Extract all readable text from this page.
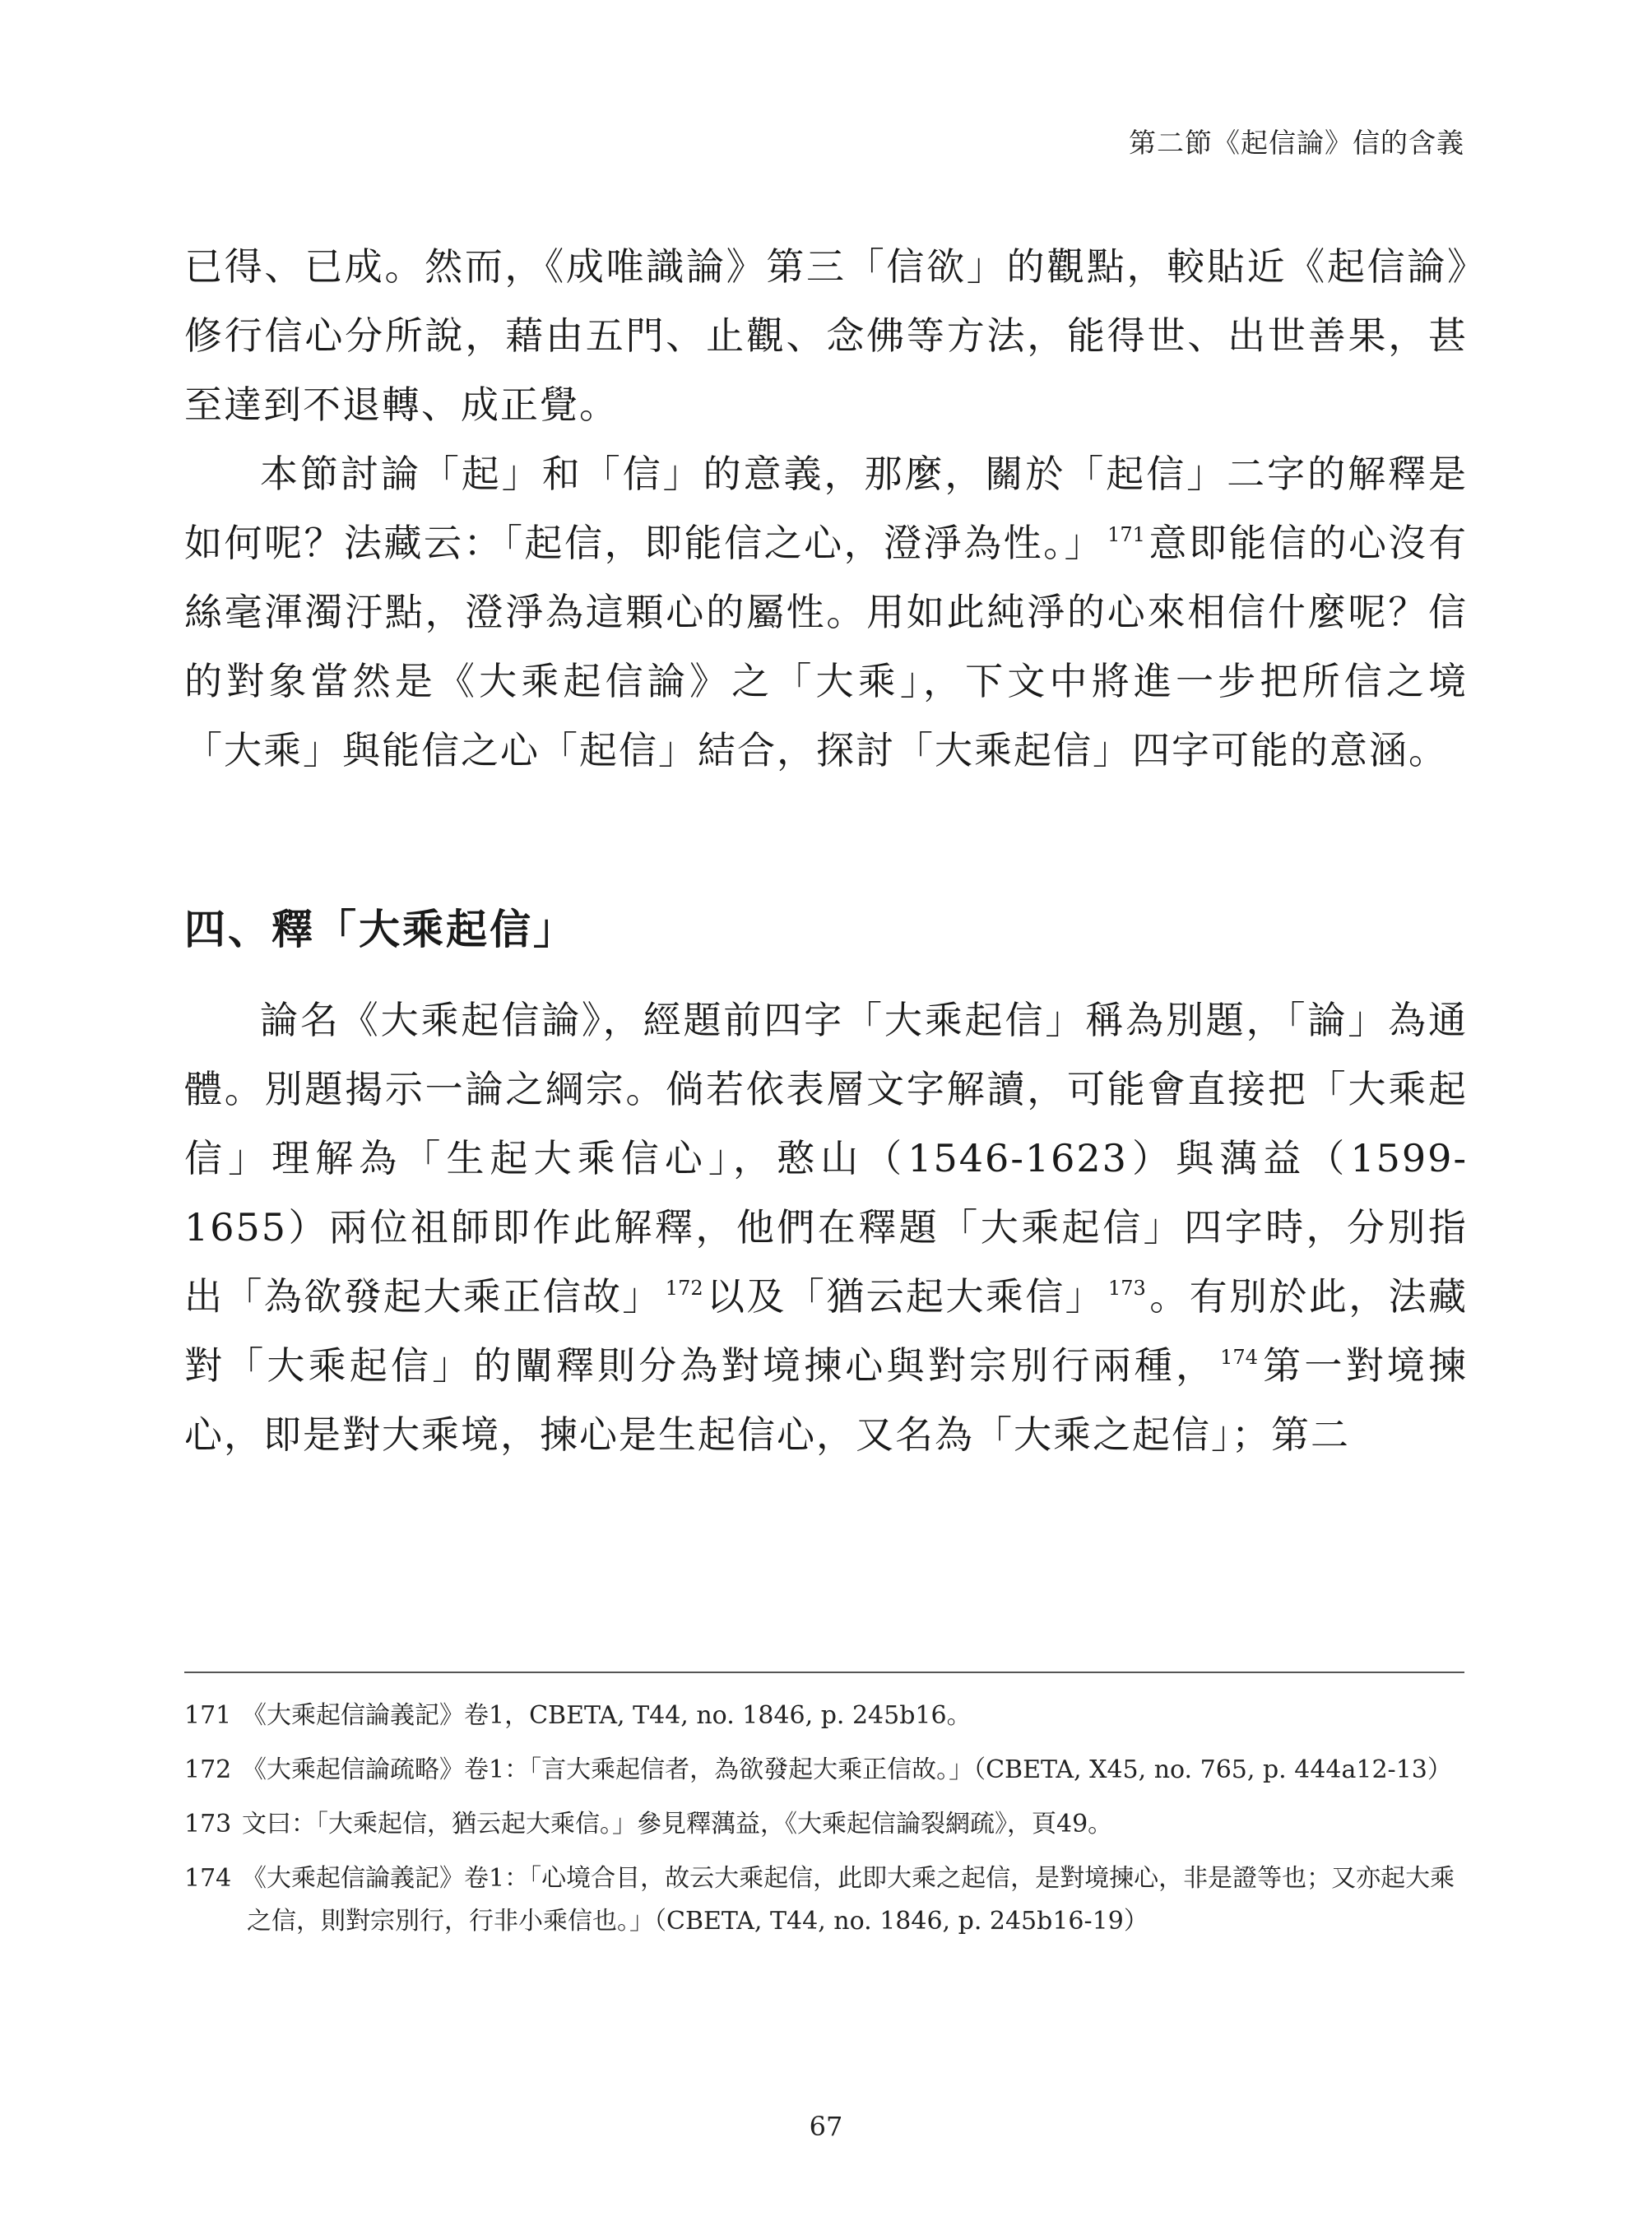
第二節《起信論》信的含義

已得、已成。然而，《成唯識論》第三「信欲」的觀點，較貼近《起信論》修行信心分所說，藉由五門、止觀、念佛等方法，能得世、出世善果，甚至達到不退轉、成正覺。

本節討論「起」和「信」的意義，那麼，關於「起信」二字的解釋是如何呢？法藏云：「起信，即能信之心，澄淨為性。」 $^{171}$意即能信的心沒有絲毫渾濁汙點，澄淨為這顆心的屬性。用如此純淨的心來相信什麼呢？信的對象當然是《大乘起信論》之「大乘」，下文中將進一步把所信之境「大乘」與能信之心「起信」結合，探討「大乘起信」四字可能的意涵。

四、釋「大乘起信」

論名《大乘起信論》，經題前四字「大乘起信」稱為別題，「論」為通體。別題揭示一論之綱宗。倘若依表層文字解讀，可能會直接把「大乘起信」理解為「生起大乘信心」，憨山（1546-1623）與蕅益（1599-1655）兩位祖師即作此解釋，他們在釋題「大乘起信」四字時，分別指出「為欲發起大乘正信故」 $^{172}$以及「猶云起大乘信」 $^{173}$。有別於此，法藏對「大乘起信」的闡釋則分為對境揀心與對宗別行兩種， $^{174}$第一對境揀心，即是對大乘境，揀心是生起信心，又名為「大乘之起信」；第二

171 《大乘起信論義記》卷1，CBETA, T44, no. 1846, p. 245b16。

172 《大乘起信論疏略》卷1：「言大乘起信者，為欲發起大乘正信故。」（CBETA, X45, no. 765, p. 444a12-13）

173 文曰：「大乘起信，猶云起大乘信。」參見釋蕅益，《大乘起信論裂網疏》，頁49。

174 《大乘起信論義記》卷1：「心境合目，故云大乘起信，此即大乘之起信，是對境揀心，非是證等也；又亦起大乘之信，則對宗別行，行非小乘信也。」（CBETA, T44, no. 1846, p. 245b16-19）

67
